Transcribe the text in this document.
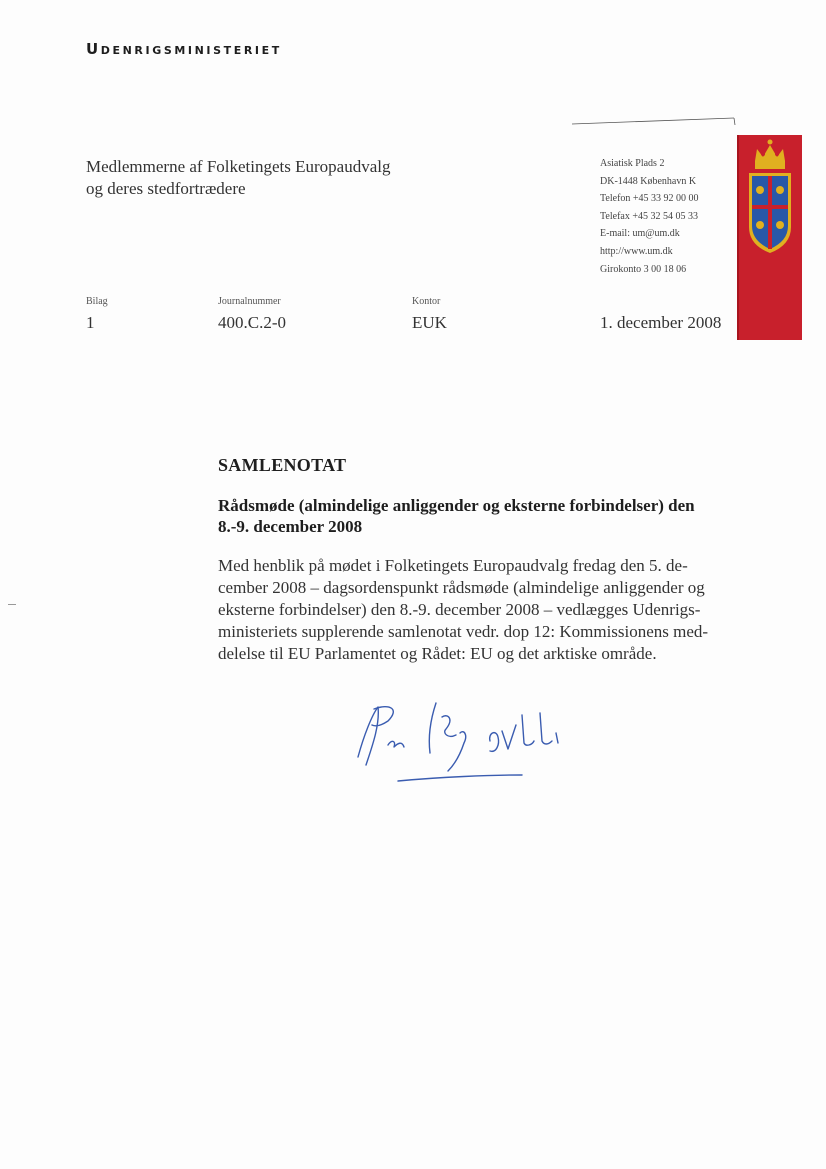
Udenrigsministeriet
Medlemmerne af Folketingets Europaudvalg
og deres stedfortrædere
Asiatisk Plads 2
DK-1448 København K
Telefon +45 33 92 00 00
Telefax +45 32 54 05 33
E-mail: um@um.dk
http://www.um.dk
Girokonto 3 00 18 06
Bilag
1
Journalnummer
400.C.2-0
Kontor
EUK	1. december 2008
SAMLENOTAT
Rådsmøde (almindelige anliggender og eksterne forbindelser) den
8.-9. december 2008
Med henblik på mødet i Folketingets Europaudvalg fredag den 5. de-
cember 2008 – dagsordenspunkt rådsmøde (almindelige anliggender og
eksterne forbindelser) den 8.-9. december 2008 – vedlægges Udenrigs-
ministeriets supplerende samlenotat vedr. dop 12: Kommissionens med-
delelse til EU Parlamentet og Rådet: EU og det arktiske område.
